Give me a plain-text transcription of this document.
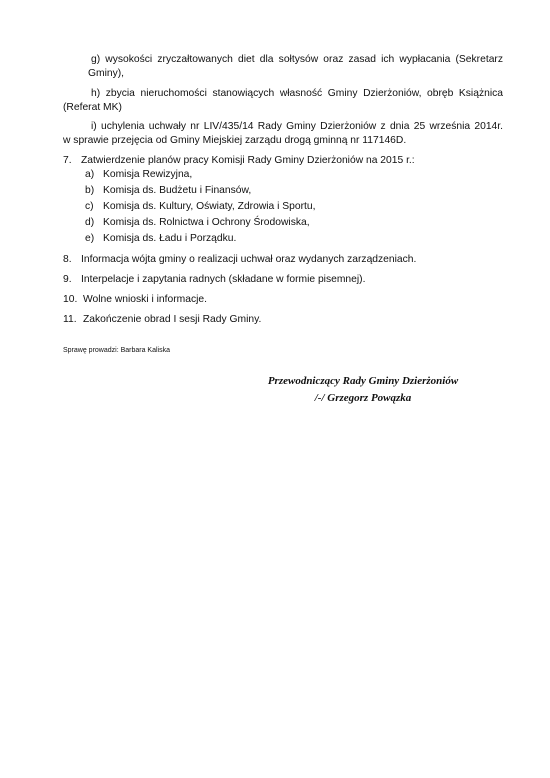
g) wysokości zryczałtowanych diet dla sołtysów oraz zasad ich wypłacania (Sekretarz
Gminy),
h) zbycia nieruchomości stanowiących własność Gminy Dzierżoniów, obręb Książnica
(Referat MK)
i) uchylenia uchwały nr LIV/435/14 Rady Gminy Dzierżoniów z dnia 25 września 2014r.
w sprawie przejęcia od Gminy Miejskiej zarządu drogą gminną nr 117146D.
7. Zatwierdzenie planów pracy Komisji Rady Gminy Dzierżoniów na 2015 r.:
a) Komisja Rewizyjna,
b) Komisja ds. Budżetu i Finansów,
c) Komisja ds. Kultury, Oświaty, Zdrowia i Sportu,
d) Komisja ds. Rolnictwa i Ochrony Środowiska,
e) Komisja ds. Ładu i Porządku.
8. Informacja wójta gminy o realizacji uchwał oraz wydanych zarządzeniach.
9. Interpelacje i zapytania radnych (składane w formie pisemnej).
10. Wolne wnioski i informacje.
11. Zakończenie obrad I sesji Rady Gminy.
Sprawę prowadzi: Barbara Kaliska
Przewodniczący Rady Gminy Dzierżoniów
/-/ Grzegorz Powązka
